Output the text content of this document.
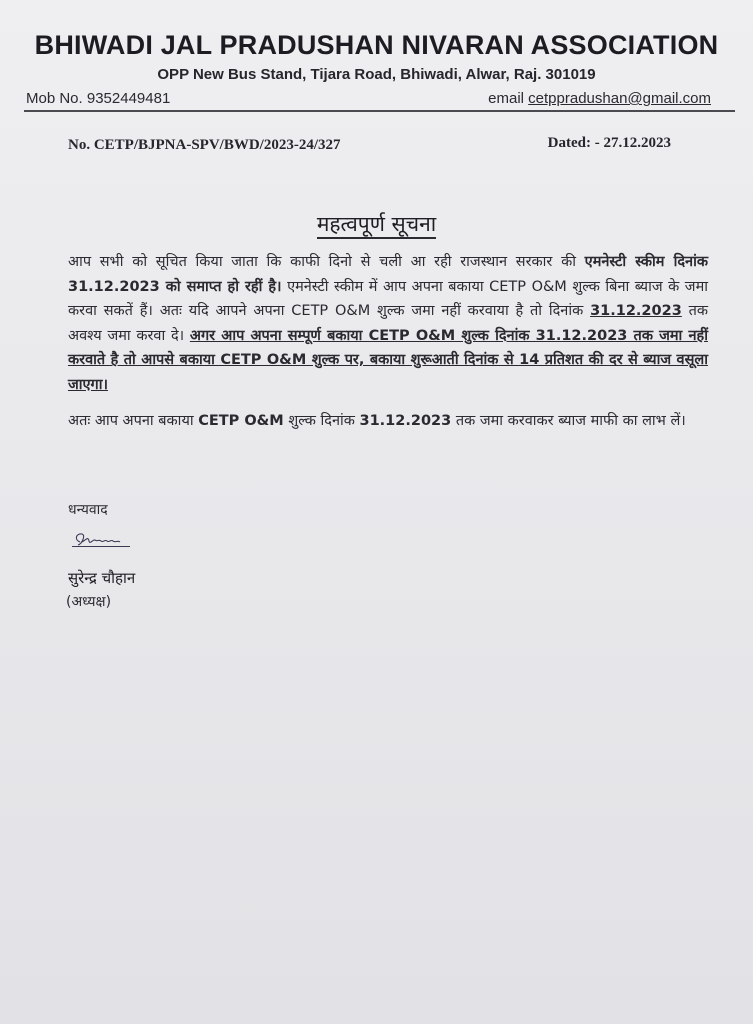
BHIWADI JAL PRADUSHAN NIVARAN ASSOCIATION
OPP New Bus Stand, Tijara Road, Bhiwadi, Alwar, Raj. 301019
Mob No. 9352449481	email cetppradushan@gmail.com
No. CETP/BJPNA-SPV/BWD/2023-24/327	Dated: - 27.12.2023
महत्वपूर्ण सूचना

आप सभी को सूचित किया जाता कि काफी दिनो से चली आ रही राजस्थान सरकार की एमनेस्टी स्कीम दिनांक 31.12.2023 को समाप्त हो रहीं है। एमनेस्टी स्कीम में आप अपना बकाया CETP O&M शुल्क बिना ब्याज के जमा करवा सकतें हैं। अतः यदि आपने अपना CETP O&M शुल्क जमा नहीं करवाया है तो दिनांक 31.12.2023 तक अवश्य जमा करवा दे। अगर आप अपना सम्पूर्ण बकाया CETP O&M शुल्क दिनांक 31.12.2023 तक जमा नहीं करवाते है तो आपसे बकाया CETP O&M शुल्क पर, बकाया शुरूआती दिनांक से 14 प्रतिशत की दर से ब्याज वसूला जाएगा।

अतः आप अपना बकाया CETP O&M शुल्क दिनांक 31.12.2023 तक जमा करवाकर ब्याज माफी का लाभ लें।

धन्यवाद
सुरेन्द्र चौहान
(अध्यक्ष)
